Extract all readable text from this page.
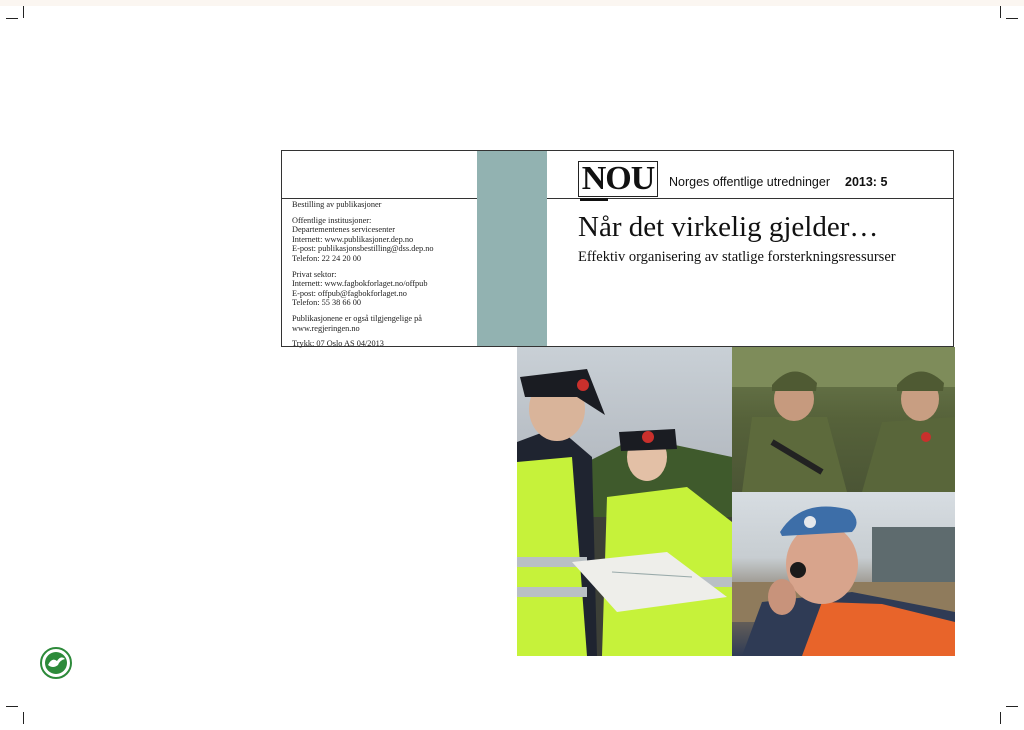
Bestilling av publikasjoner

Offentlige institusjoner:
Departementenes servicesenter
Internett: www.publikasjoner.dep.no
E-post: publikasjonsbestilling@dss.dep.no
Telefon: 22 24 20 00

Privat sektor:
Internett: www.fagbokforlaget.no/offpub
E-post: offpub@fagbokforlaget.no
Telefon: 55 38 66 00

Publikasjonene er også tilgjengelige på
www.regjeringen.no

Trykk: 07 Oslo AS 04/2013

NOU Norges offentlige utredninger 2013: 5
Når det virkelig gjelder…
Effektiv organisering av statlige forsterkningsressurser
